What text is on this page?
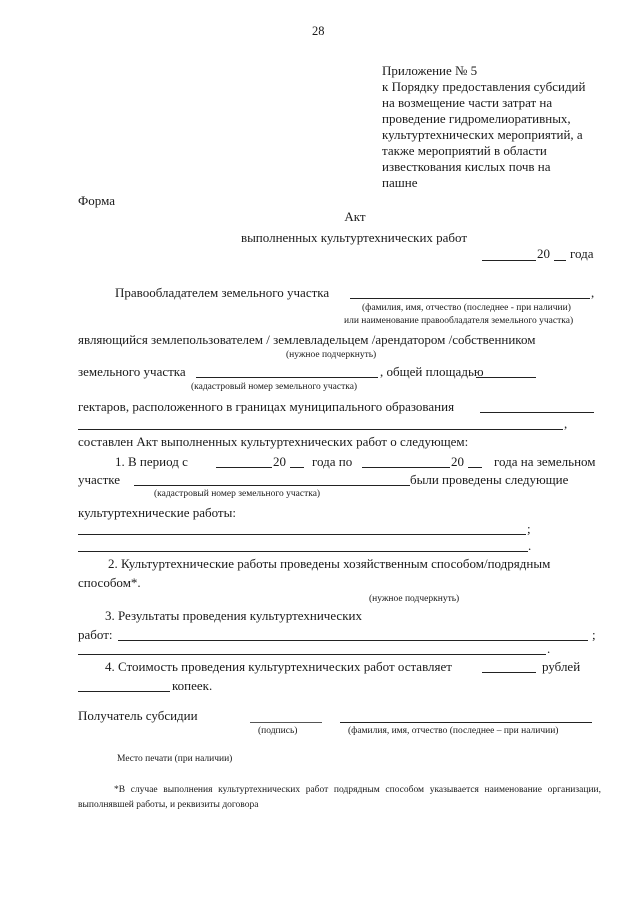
28
Приложение № 5
к Порядку предоставления субсидий
на возмещение части затрат на
проведение гидромелиоративных,
культуртехнических мероприятий, а
также мероприятий в области
известкования кислых почв на
пашне
Форма
Акт
выполненных культуртехнических работ
20 года
Правообладателем земельного участка	,
(фамилия, имя, отчество (последнее - при наличии)
или наименование правообладателя земельного участка)
являющийся землепользователем / землевладельцем /арендатором /собственником
(нужное подчеркнуть)
земельного участка	, общей площадью
(кадастровый номер земельного участка)
гектаров, расположенного в границах муниципального образования
,
составлен Акт выполненных культуртехнических работ о следующем:
1. В период с	20 года по	20 года на земельном
участке	были проведены следующие
(кадастровый номер земельного участка)
культуртехнические работы:
;
.
2. Культуртехнические работы проведены хозяйственным способом/подрядным
способом*.
(нужное подчеркнуть)
3. Результаты проведения культуртехнических
работ:	;
.
4. Стоимость проведения культуртехнических работ оставляет	рублей
копеек.
Получатель субсидии
(подпись)	(фамилия, имя, отчество (последнее – при наличии)
Место печати (при наличии)
*В случае выполнения культуртехнических работ подрядным способом указывается наименование организации, выполнявшей работы, и реквизиты договора
